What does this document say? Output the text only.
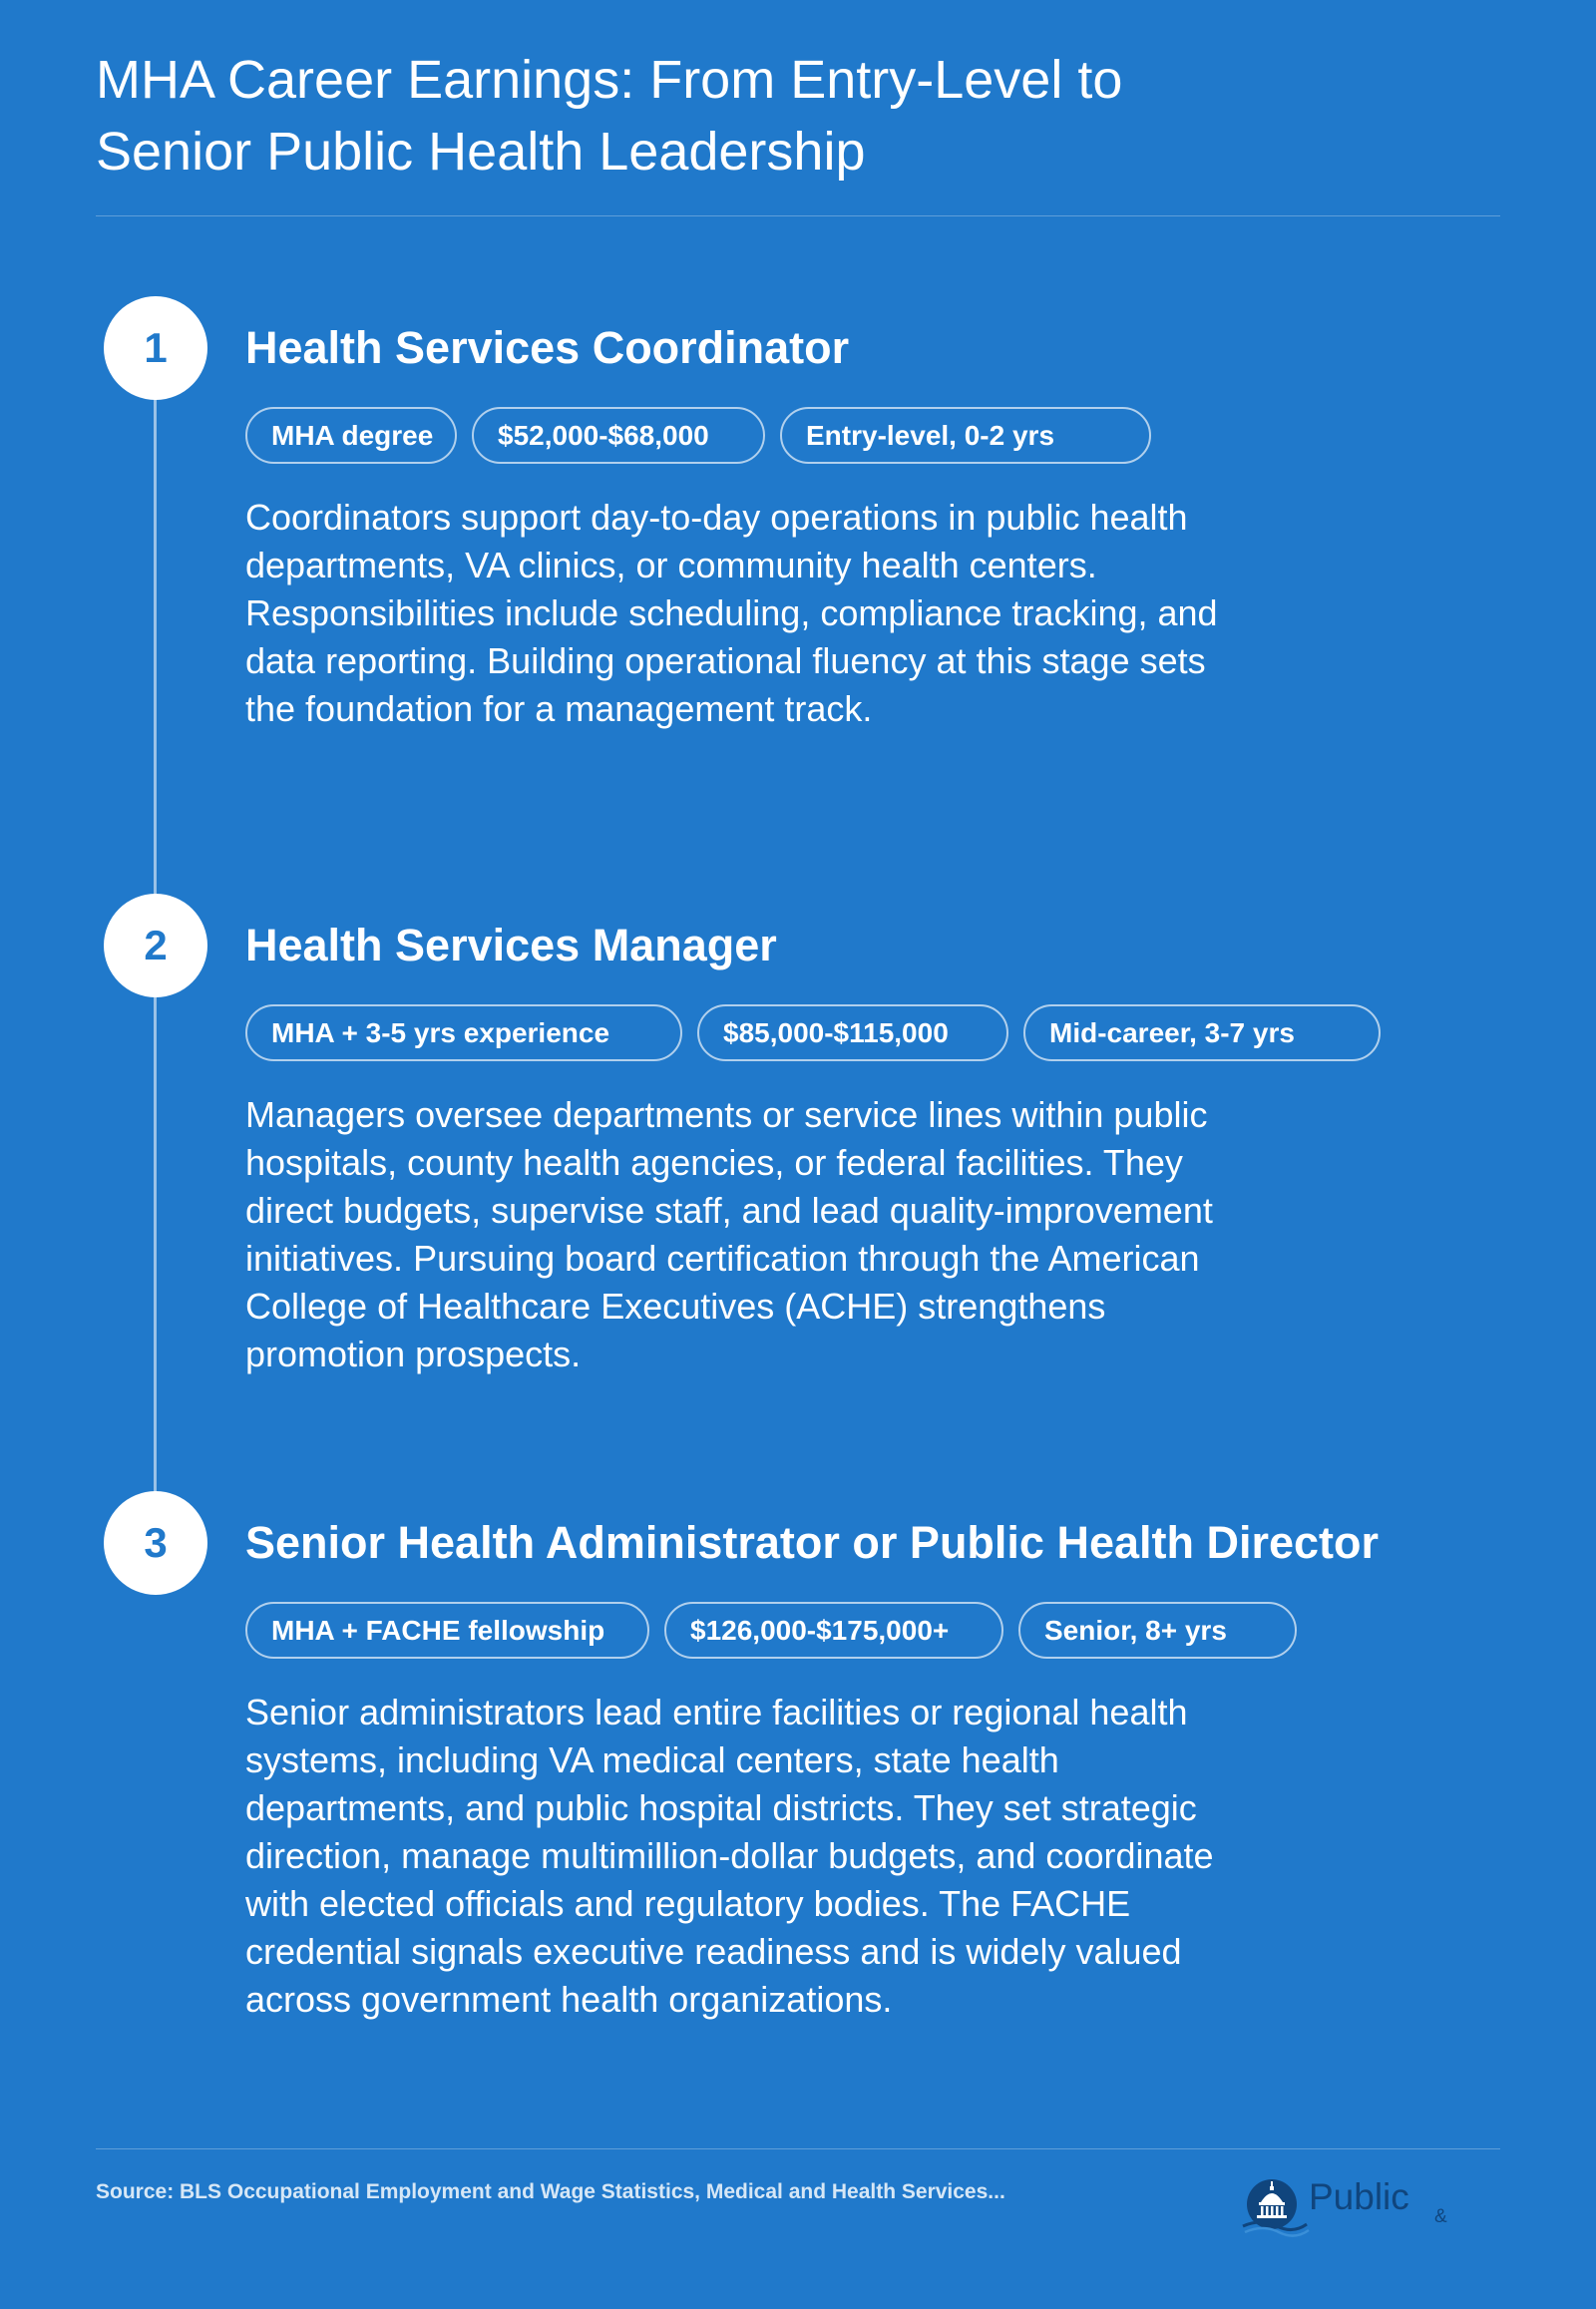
MHA Career Earnings: From Entry-Level to Senior Public Health Leadership
1	Health Services Coordinator
MHA degree	$52,000-$68,000	Entry-level, 0-2 yrs

Coordinators support day-to-day operations in public health departments, VA clinics, or community health centers. Responsibilities include scheduling, compliance tracking, and data reporting. Building operational fluency at this stage sets the foundation for a management track.

2	Health Services Manager
MHA + 3-5 yrs experience	$85,000-$115,000	Mid-career, 3-7 yrs

Managers oversee departments or service lines within public hospitals, county health agencies, or federal facilities. They direct budgets, supervise staff, and lead quality-improvement initiatives. Pursuing board certification through the American College of Healthcare Executives (ACHE) strengthens promotion prospects.

3	Senior Health Administrator or Public Health Director
MHA + FACHE fellowship	$126,000-$175,000+	Senior, 8+ yrs

Senior administrators lead entire facilities or regional health systems, including VA medical centers, state health departments, and public hospital districts. They set strategic direction, manage multimillion-dollar budgets, and coordinate with elected officials and regulatory bodies. The FACHE credential signals executive readiness and is widely valued across government health organizations.

Source: BLS Occupational Employment and Wage Statistics, Medical and Health Services...	Public &
